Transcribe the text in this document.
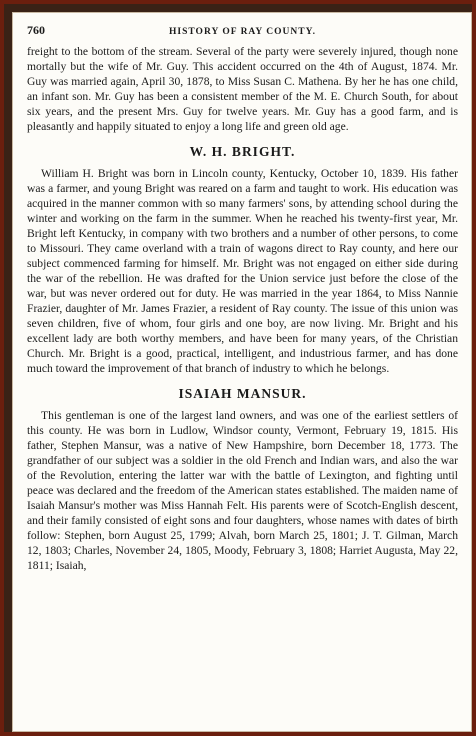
760	HISTORY OF RAY COUNTY.

freight to the bottom of the stream. Several of the party were severely injured, though none mortally but the wife of Mr. Guy. This accident occurred on the 4th of August, 1874. Mr. Guy was married again, April 30, 1878, to Miss Susan C. Mathena. By her he has one child, an infant son. Mr. Guy has been a consistent member of the M. E. Church South, for about six years, and the present Mrs. Guy for twelve years. Mr. Guy has a good farm, and is pleasantly and happily situated to enjoy a long life and green old age.

W. H. BRIGHT.

William H. Bright was born in Lincoln county, Kentucky, October 10, 1839. His father was a farmer, and young Bright was reared on a farm and taught to work. His education was acquired in the manner common with so many farmers' sons, by attending school during the winter and working on the farm in the summer. When he reached his twenty-first year, Mr. Bright left Kentucky, in company with two brothers and a number of other persons, to come to Missouri. They came overland with a train of wagons direct to Ray county, and here our subject commenced farming for himself. Mr. Bright was not engaged on either side during the war of the rebellion. He was drafted for the Union service just before the close of the war, but was never ordered out for duty. He was married in the year 1864, to Miss Nannie Frazier, daughter of Mr. James Frazier, a resident of Ray county. The issue of this union was seven children, five of whom, four girls and one boy, are now living. Mr. Bright and his excellent lady are both worthy members, and have been for many years, of the Christian Church. Mr. Bright is a good, practical, intelligent, and industrious farmer, and has done much toward the improvement of that branch of industry to which he belongs.

ISAIAH MANSUR.

This gentleman is one of the largest land owners, and was one of the earliest settlers of this county. He was born in Ludlow, Windsor county, Vermont, February 19, 1815. His father, Stephen Mansur, was a native of New Hampshire, born December 18, 1773. The grandfather of our subject was a soldier in the old French and Indian wars, and also the war of the Revolution, entering the latter war with the battle of Lexington, and fighting until peace was declared and the freedom of the American states established. The maiden name of Isaiah Mansur's mother was Miss Hannah Felt. His parents were of Scotch-English descent, and their family consisted of eight sons and four daughters, whose names with dates of birth follow: Stephen, born August 25, 1799; Alvah, born March 25, 1801; J. T. Gilman, March 12, 1803; Charles, November 24, 1805, Moody, February 3, 1808; Harriet Augusta, May 22, 1811; Isaiah,
